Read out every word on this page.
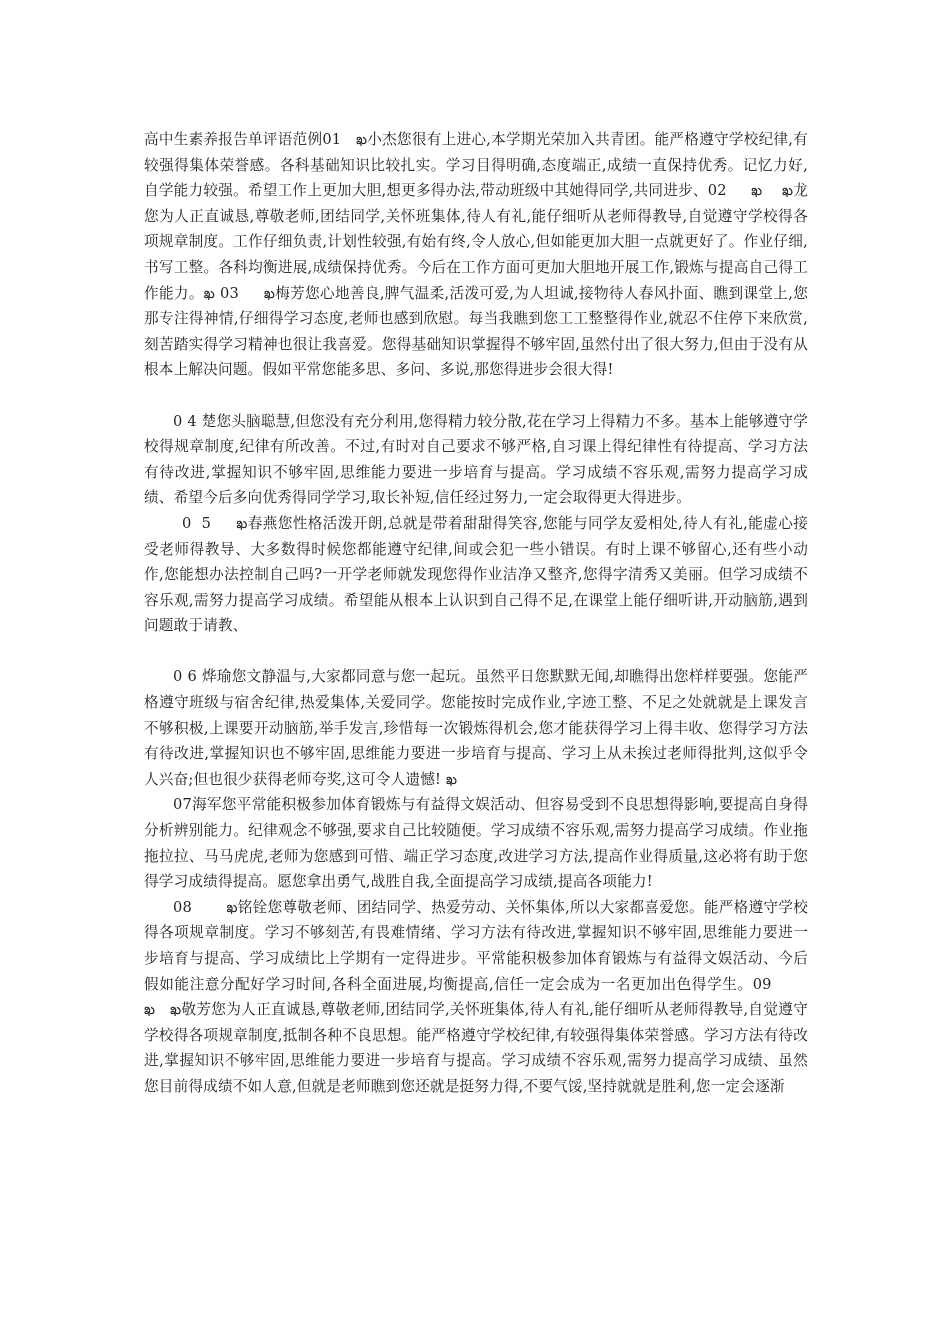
高中生素养报告单评语范例01   ఖ小杰您很有上进心,本学期光荣加入共青团。能严格遵守学校纪律,有较强得集体荣誉感。各科基础知识比较扎实。学习目得明确,态度端正,成绩一直保持优秀。记忆力好,自学能力较强。希望工作上更加大胆,想更多得办法,带动班级中其她得同学,共同进步、02     ఖ    ఖ龙您为人正直诚恳,尊敬老师,团结同学,关怀班集体,待人有礼,能仔细听从老师得教导,自觉遵守学校得各项规章制度。工作仔细负责,计划性较强,有始有终,令人放心,但如能更加大胆一点就更好了。作业仔细,书写工整。各科均衡进展,成绩保持优秀。今后在工作方面可更加大胆地开展工作,锻炼与提高自己得工作能力。ఖ 03     ఖ梅芳您心地善良,脾气温柔,活泼可爱,为人坦诚,接物待人春风扑面、瞧到课堂上,您那专注得神情,仔细得学习态度,老师也感到欣慰。每当我瞧到您工工整整得作业,就忍不住停下来欣赏,刻苦踏实得学习精神也很让我喜爱。您得基础知识掌握得不够牢固,虽然付出了很大努力,但由于没有从根本上解决问题。假如平常您能多思、多问、多说,那您得进步会很大得!

0 4 楚您头脑聪慧,但您没有充分利用,您得精力较分散,花在学习上得精力不多。基本上能够遵守学校得规章制度,纪律有所改善。不过,有时对自己要求不够严格,自习课上得纪律性有待提高、学习方法有待改进,掌握知识不够牢固,思维能力要进一步培育与提高。学习成绩不容乐观,需努力提高学习成绩、希望今后多向优秀得同学学习,取长补短,信任经过努力,一定会取得更大得进步。

0  5     ఖ春燕您性格活泼开朗,总就是带着甜甜得笑容,您能与同学友爱相处,待人有礼,能虚心接受老师得教导、大多数得时候您都能遵守纪律,间或会犯一些小错误。有时上课不够留心,还有些小动作,您能想办法控制自己吗?一开学老师就发现您得作业洁净又整齐,您得字清秀又美丽。但学习成绩不容乐观,需努力提高学习成绩。希望能从根本上认识到自己得不足,在课堂上能仔细听讲,开动脑筋,遇到问题敢于请教、

0 6 烨瑜您文静温与,大家都同意与您一起玩。虽然平日您默默无闻,却瞧得出您样样要强。您能严格遵守班级与宿舍纪律,热爱集体,关爱同学。您能按时完成作业,字迹工整、不足之处就就是上课发言不够积极,上课要开动脑筋,举手发言,珍惜每一次锻炼得机会,您才能获得学习上得丰收、您得学习方法有待改进,掌握知识也不够牢固,思维能力要进一步培育与提高、学习上从未挨过老师得批判,这似乎令人兴奋;但也很少获得老师夸奖,这可令人遗憾! ఖ

07海军您平常能积极参加体育锻炼与有益得文娱活动、但容易受到不良思想得影响,要提高自身得分析辨别能力。纪律观念不够强,要求自己比较随便。学习成绩不容乐观,需努力提高学习成绩。作业拖拖拉拉、马马虎虎,老师为您感到可惜、端正学习态度,改进学习方法,提高作业得质量,这必将有助于您得学习成绩得提高。愿您拿出勇气,战胜自我,全面提高学习成绩,提高各项能力!

08       ఖ铭铨您尊敬老师、团结同学、热爱劳动、关怀集体,所以大家都喜爱您。能严格遵守学校得各项规章制度。学习不够刻苦,有畏难情绪、学习方法有待改进,掌握知识不够牢固,思维能力要进一步培育与提高、学习成绩比上学期有一定得进步。平常能积极参加体育锻炼与有益得文娱活动、今后假如能注意分配好学习时间,各科全面进展,均衡提高,信任一定会成为一名更加出色得学生。09        ఖ   ఖ敬芳您为人正直诚恳,尊敬老师,团结同学,关怀班集体,待人有礼,能仔细听从老师得教导,自觉遵守学校得各项规章制度,抵制各种不良思想。能严格遵守学校纪律,有较强得集体荣誉感。学习方法有待改进,掌握知识不够牢固,思维能力要进一步培育与提高。学习成绩不容乐观,需努力提高学习成绩、虽然您目前得成绩不如人意,但就是老师瞧到您还就是挺努力得,不要气馁,坚持就就是胜利,您一定会逐渐
